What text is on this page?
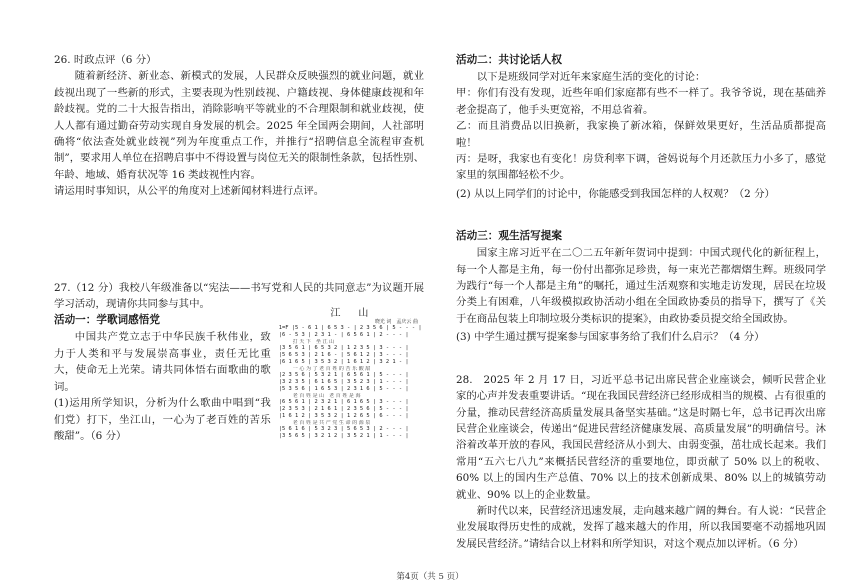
26. 时政点评（6 分）

随着新经济、新业态、新模式的发展，人民群众反映强烈的就业问题，就业歧视出现了一些新的形式，主要表现为性别歧视、户籍歧视、身体健康歧视和年龄歧视。党的二十大报告指出，消除影响平等就业的不合理限制和就业歧视，使人人都有通过勤奋劳动实现自身发展的机会。2025 年全国两会期间，人社部明确将“依法查处就业歧视”列为年度重点工作，并推行“招聘信息全流程审查机制”，要求用人单位在招聘启事中不得设置与岗位无关的限制性条款，包括性别、年龄、地域、婚育状况等 16 类歧视性内容。

请运用时事知识，从公平的角度对上述新闻材料进行点评。

27.（12 分）我校八年级准备以“宪法——书写党和人民的共同意志”为议题开展学习活动，现请你共同参与其中。

活动一：学歌词感悟党

中国共产党立志于中华民族千秋伟业，致力于人类和平与发展崇高事业，责任无比重大，使命无上光荣。请共同体悟右面歌曲的歌词。

(1)运用所学知识，分析为什么歌曲中唱到“我们党）打下，坐江山，一心为了老百姓的苦乐酸甜”。（6 分）

江　山
晓光 词　孟庆云 曲
1=F |5 - 6 1 | 6 5 3 - | 2 3 5 6 | 5 - - - |
|6 - 5 3 | 2 3 1 - | 6 5 6 1 | 2 - - - |
打 天 下　坐 江 山
|3 5 6 1 | 6 5 3 2 | 1 2 3 5 | 3 - - - |
|5 6 5 3 | 2 1 6 - | 5 6 1 2 | 3 - - - |
|6 1 6 5 | 3 5 3 2 | 1 6 1 2 | 3 2 1 - |
一 心 为 了 老 百 姓 的 苦 乐 酸 甜
|2 3 5 6 | 5 3 2 1 | 6 5 6 1 | 5 - - - |
|3 2 3 5 | 6 1 6 5 | 3 5 2 3 | 1 - - - |
|5 3 5 6 | 1 6 5 3 | 2 3 1 6 | 5 - - - |
老 百 姓 是 山　老 百 姓 是 海
|6 5 6 1 | 2 3 2 1 | 6 1 6 5 | 3 - - - |
|2 3 5 3 | 2 1 6 1 | 2 3 5 6 | 5 - - - |
|1 6 1 2 | 3 5 3 2 | 1 2 6 5 | 6 - - - |
老 百 姓 是 共 产 党 生 命 的 源 泉
|5 6 1 6 | 5 3 2 3 | 5 6 5 3 | 2 - - - |
|3 5 6 5 | 3 2 1 2 | 3 5 2 1 | 1 - - - |

活动二：共讨论话人权

以下是班级同学对近年来家庭生活的变化的讨论：

甲：你们有没有发现，近些年咱们家庭都有些不一样了。我爷爷说，现在基础养老金提高了，他手头更宽裕，不用总省着。

乙：而且消费品以旧换新，我家换了新冰箱，保鲜效果更好，生活品质都提高啦！

丙：是呀，我家也有变化！房贷利率下调，爸妈说每个月还款压力小多了，感觉家里的氛围都轻松不少。

(2) 从以上同学们的讨论中，你能感受到我国怎样的人权观？（2 分）

活动三：观生活写提案

国家主席习近平在二〇二五年新年贺词中提到：中国式现代化的新征程上，每一个人都是主角，每一份付出都弥足珍贵，每一束光芒都熠熠生辉。班级同学为践行“每一个人都是主角”的嘱托，通过生活观察和实地走访发现，居民在垃圾分类上有困难，八年级模拟政协活动小组在全国政协委员的指导下，撰写了《关于在商品包装上印制垃圾分类标识的提案》，由政协委员提交给全国政协。

(3) 中学生通过撰写提案参与国家事务给了我们什么启示？（4 分）

28.　2025 年 2 月 17 日，习近平总书记出席民营企业座谈会，倾听民营企业家的心声并发表重要讲话。“现在我国民营经济已经形成相当的规模、占有很重的分量，推动民营经济高质量发展具备坚实基础。”这是时隔七年，总书记再次出席民营企业座谈会，传递出“促进民营经济健康发展、高质量发展”的明确信号。沐浴着改革开放的春风，我国民营经济从小到大、由弱变强，茁壮成长起来。我们常用“五六七八九”来概括民营经济的重要地位，即贡献了 50% 以上的税收、60% 以上的国内生产总值、70% 以上的技术创新成果、80% 以上的城镇劳动就业、90% 以上的企业数量。

新时代以来，民营经济迅速发展，走向越来越广阔的舞台。有人说：“民营企业发展取得历史性的成就，发挥了越来越大的作用，所以我国要毫不动摇地巩固发展民营经济。”请结合以上材料和所学知识，对这个观点加以评析。（6 分）

第4页（共 5 页）
